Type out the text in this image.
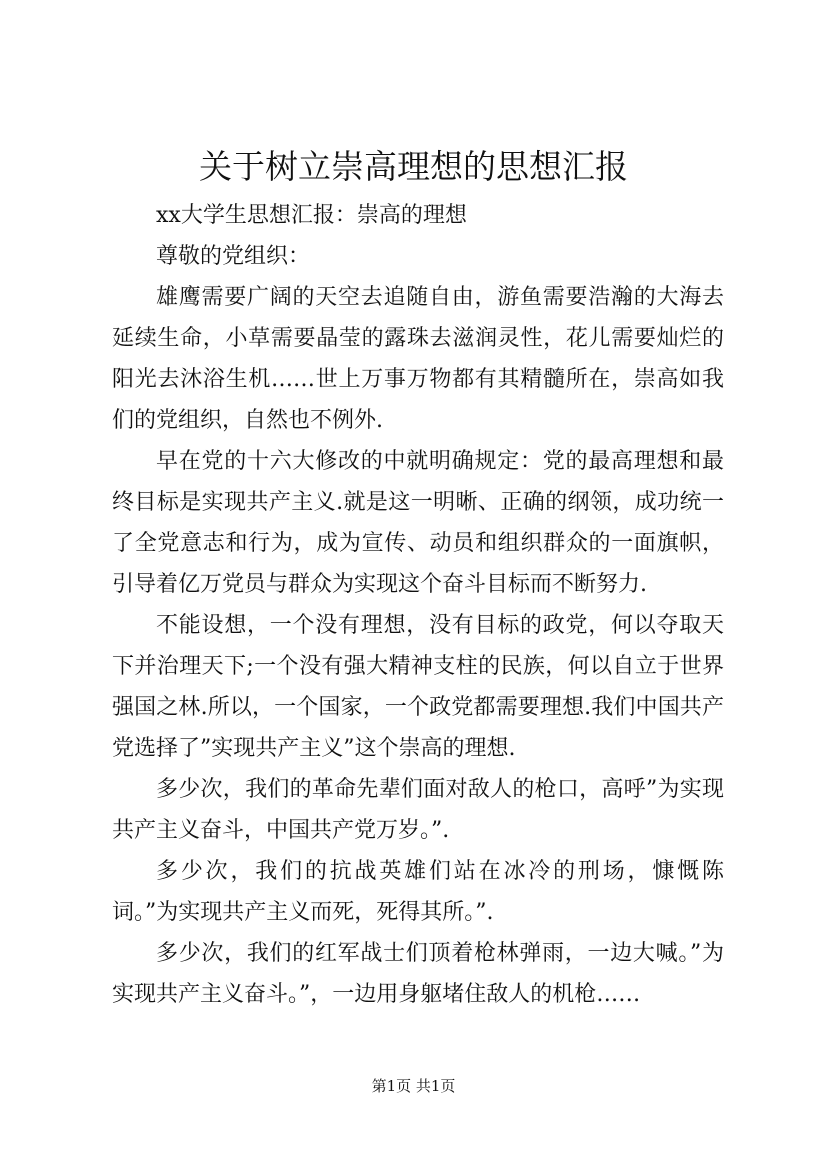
关于树立崇高理想的思想汇报

xx大学生思想汇报：崇高的理想

尊敬的党组织：

雄鹰需要广阔的天空去追随自由，游鱼需要浩瀚的大海去延续生命，小草需要晶莹的露珠去滋润灵性，花儿需要灿烂的阳光去沐浴生机……世上万事万物都有其精髓所在，崇高如我们的党组织，自然也不例外.

早在党的十六大修改的中就明确规定：党的最高理想和最终目标是实现共产主义.就是这一明晰、正确的纲领，成功统一了全党意志和行为，成为宣传、动员和组织群众的一面旗帜，引导着亿万党员与群众为实现这个奋斗目标而不断努力.

不能设想，一个没有理想，没有目标的政党，何以夺取天下并治理天下;一个没有强大精神支柱的民族，何以自立于世界强国之林.所以，一个国家，一个政党都需要理想.我们中国共产党选择了”实现共产主义”这个崇高的理想.

多少次，我们的革命先辈们面对敌人的枪口，高呼”为实现共产主义奋斗，中国共产党万岁。”.

多少次，我们的抗战英雄们站在冰冷的刑场，慷慨陈词。”为实现共产主义而死，死得其所。”.

多少次，我们的红军战士们顶着枪林弹雨，一边大喊。”为实现共产主义奋斗。”，一边用身躯堵住敌人的机枪……

第1页 共1页
